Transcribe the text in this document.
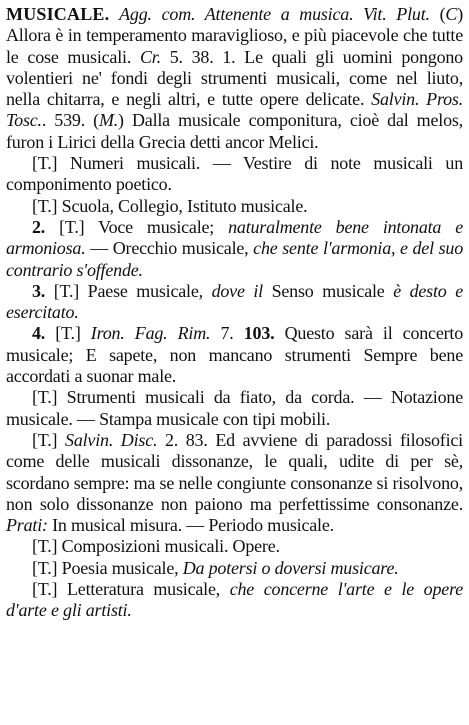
MUSICALE. Agg. com. Attenente a musica. Vit. Plut. (C) Allora è in temperamento maraviglioso, e più piacevole che tutte le cose musicali. Cr. 5. 38. 1. Le quali gli uomini pongono volentieri ne' fondi degli strumenti musicali, come nel liuto, nella chitarra, e negli altri, e tutte opere delicate. Salvin. Pros. Tosc.. 539. (M.) Dalla musicale componitura, cioè dal melos, furon i Lirici della Grecia detti ancor Melici.

[T.] Numeri musicali. — Vestire di note musicali un componimento poetico.

[T.] Scuola, Collegio, Istituto musicale.

2. [T.] Voce musicale; naturalmente bene intonata e armoniosa. — Orecchio musicale, che sente l'armonia, e del suo contrario s'offende.

3. [T.] Paese musicale, dove il Senso musicale è desto e esercitato.

4. [T.] Iron. Fag. Rim. 7. 103. Questo sarà il concerto musicale; E sapete, non mancano strumenti Sempre bene accordati a suonar male.

[T.] Strumenti musicali da fiato, da corda. — Notazione musicale. — Stampa musicale con tipi mobili.

[T.] Salvin. Disc. 2. 83. Ed avviene di paradossi filosofici come delle musicali dissonanze, le quali, udite di per sè, scordano sempre: ma se nelle congiunte consonanze si risolvono, non solo dissonanze non paiono ma perfettissime consonanze. Prati: In musical misura. — Periodo musicale.

[T.] Composizioni musicali. Opere.

[T.] Poesia musicale, Da potersi o doversi musicare.

[T.] Letteratura musicale, che concerne l'arte e le opere d'arte e gli artisti.
